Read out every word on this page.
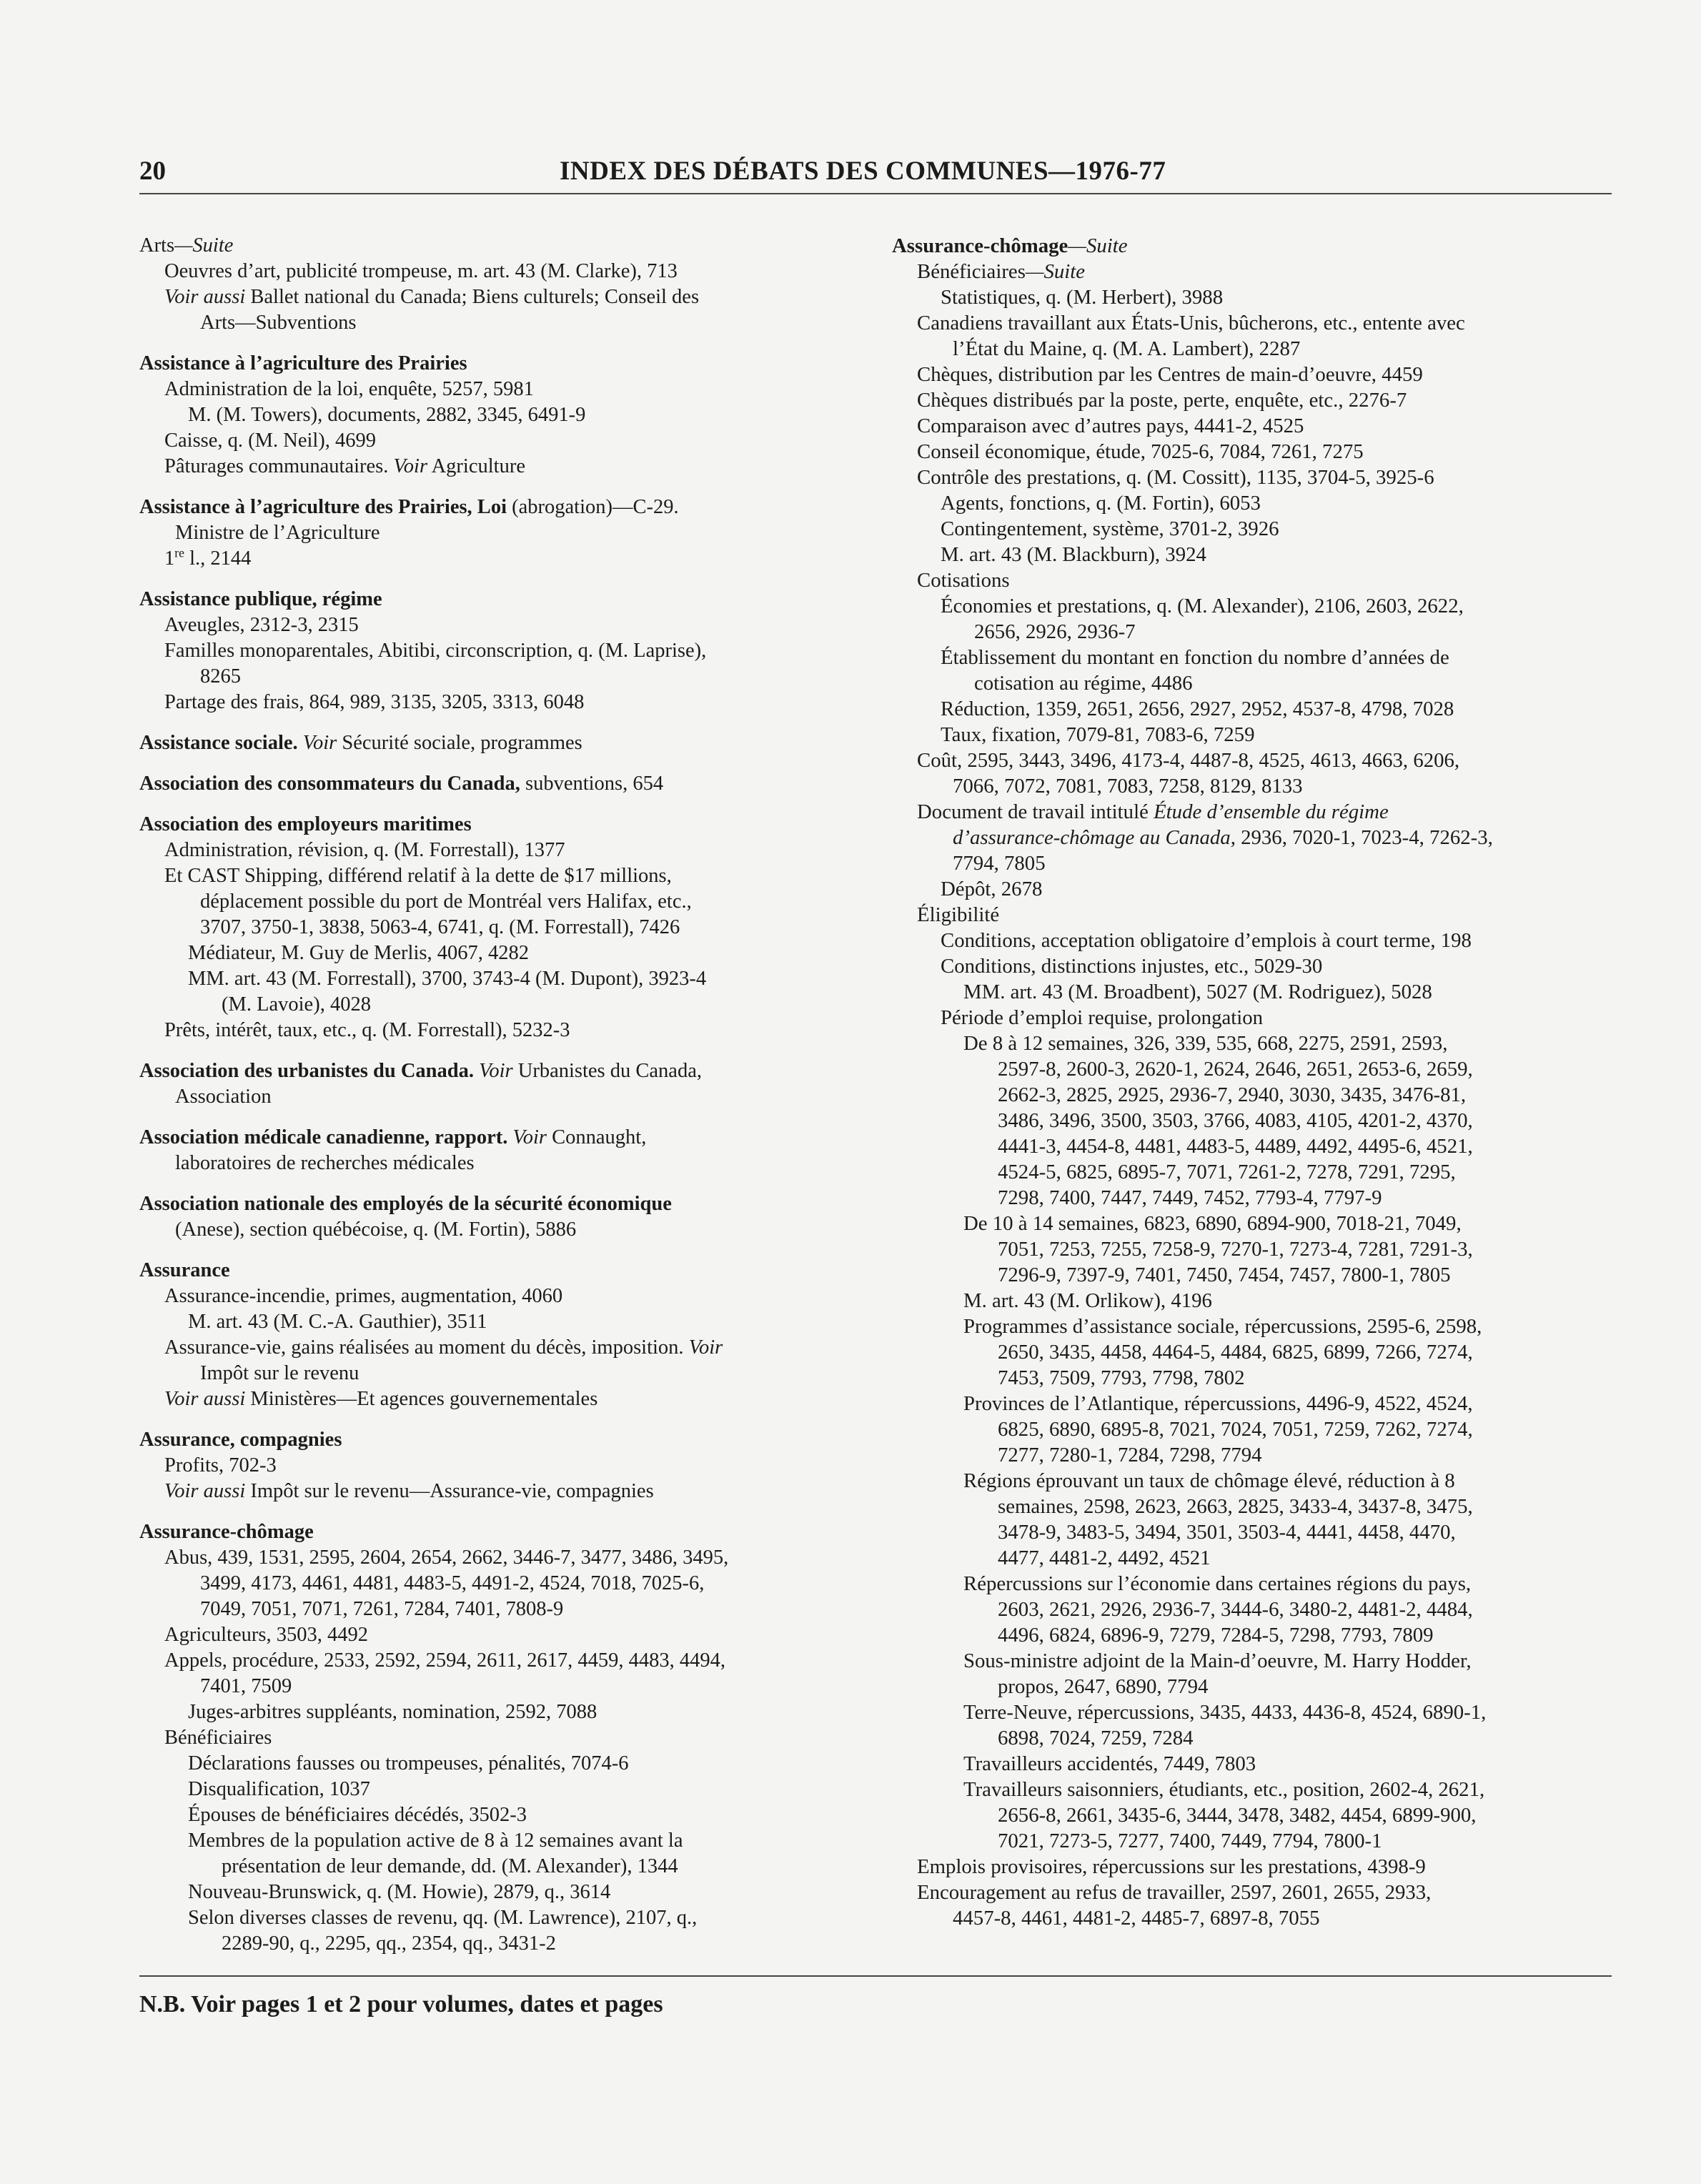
20	INDEX DES DÉBATS DES COMMUNES—1976-77
Arts—Suite
Oeuvres d’art, publicité trompeuse, m. art. 43 (M. Clarke), 713
Voir aussi Ballet national du Canada; Biens culturels; Conseil des
Arts—Subventions
Assistance à l’agriculture des Prairies
Administration de la loi, enquête, 5257, 5981
M. (M. Towers), documents, 2882, 3345, 6491-9
Caisse, q. (M. Neil), 4699
Pâturages communautaires. Voir Agriculture
Assistance à l’agriculture des Prairies, Loi (abrogation)—C-29.
Ministre de l’Agriculture
1re l., 2144
Assistance publique, régime
Aveugles, 2312-3, 2315
Familles monoparentales, Abitibi, circonscription, q. (M. Laprise),
8265
Partage des frais, 864, 989, 3135, 3205, 3313, 6048
Assistance sociale. Voir Sécurité sociale, programmes
Association des consommateurs du Canada, subventions, 654
Association des employeurs maritimes
Administration, révision, q. (M. Forrestall), 1377
Et CAST Shipping, différend relatif à la dette de $17 millions,
déplacement possible du port de Montréal vers Halifax, etc.,
3707, 3750-1, 3838, 5063-4, 6741, q. (M. Forrestall), 7426
Médiateur, M. Guy de Merlis, 4067, 4282
MM. art. 43 (M. Forrestall), 3700, 3743-4 (M. Dupont), 3923-4
(M. Lavoie), 4028
Prêts, intérêt, taux, etc., q. (M. Forrestall), 5232-3
Association des urbanistes du Canada. Voir Urbanistes du Canada,
Association
Association médicale canadienne, rapport. Voir Connaught,
laboratoires de recherches médicales
Association nationale des employés de la sécurité économique
(Anese), section québécoise, q. (M. Fortin), 5886
Assurance
Assurance-incendie, primes, augmentation, 4060
M. art. 43 (M. C.-A. Gauthier), 3511
Assurance-vie, gains réalisées au moment du décès, imposition. Voir
Impôt sur le revenu
Voir aussi Ministères—Et agences gouvernementales
Assurance, compagnies
Profits, 702-3
Voir aussi Impôt sur le revenu—Assurance-vie, compagnies
Assurance-chômage
Abus, 439, 1531, 2595, 2604, 2654, 2662, 3446-7, 3477, 3486, 3495,
3499, 4173, 4461, 4481, 4483-5, 4491-2, 4524, 7018, 7025-6,
7049, 7051, 7071, 7261, 7284, 7401, 7808-9
Agriculteurs, 3503, 4492
Appels, procédure, 2533, 2592, 2594, 2611, 2617, 4459, 4483, 4494,
7401, 7509
Juges-arbitres suppléants, nomination, 2592, 7088
Bénéficiaires
Déclarations fausses ou trompeuses, pénalités, 7074-6
Disqualification, 1037
Épouses de bénéficiaires décédés, 3502-3
Membres de la population active de 8 à 12 semaines avant la
présentation de leur demande, dd. (M. Alexander), 1344
Nouveau-Brunswick, q. (M. Howie), 2879, q., 3614
Selon diverses classes de revenu, qq. (M. Lawrence), 2107, q.,
2289-90, q., 2295, qq., 2354, qq., 3431-2
Assurance-chômage—Suite
Bénéficiaires—Suite
Statistiques, q. (M. Herbert), 3988
Canadiens travaillant aux États-Unis, bûcherons, etc., entente avec
l’État du Maine, q. (M. A. Lambert), 2287
Chèques, distribution par les Centres de main-d’oeuvre, 4459
Chèques distribués par la poste, perte, enquête, etc., 2276-7
Comparaison avec d’autres pays, 4441-2, 4525
Conseil économique, étude, 7025-6, 7084, 7261, 7275
Contrôle des prestations, q. (M. Cossitt), 1135, 3704-5, 3925-6
Agents, fonctions, q. (M. Fortin), 6053
Contingentement, système, 3701-2, 3926
M. art. 43 (M. Blackburn), 3924
Cotisations
Économies et prestations, q. (M. Alexander), 2106, 2603, 2622,
2656, 2926, 2936-7
Établissement du montant en fonction du nombre d’années de
cotisation au régime, 4486
Réduction, 1359, 2651, 2656, 2927, 2952, 4537-8, 4798, 7028
Taux, fixation, 7079-81, 7083-6, 7259
Coût, 2595, 3443, 3496, 4173-4, 4487-8, 4525, 4613, 4663, 6206,
7066, 7072, 7081, 7083, 7258, 8129, 8133
Document de travail intitulé Étude d’ensemble du régime
d’assurance-chômage au Canada, 2936, 7020-1, 7023-4, 7262-3,
7794, 7805
Dépôt, 2678
Éligibilité
Conditions, acceptation obligatoire d’emplois à court terme, 198
Conditions, distinctions injustes, etc., 5029-30
MM. art. 43 (M. Broadbent), 5027 (M. Rodriguez), 5028
Période d’emploi requise, prolongation
De 8 à 12 semaines, 326, 339, 535, 668, 2275, 2591, 2593,
2597-8, 2600-3, 2620-1, 2624, 2646, 2651, 2653-6, 2659,
2662-3, 2825, 2925, 2936-7, 2940, 3030, 3435, 3476-81,
3486, 3496, 3500, 3503, 3766, 4083, 4105, 4201-2, 4370,
4441-3, 4454-8, 4481, 4483-5, 4489, 4492, 4495-6, 4521,
4524-5, 6825, 6895-7, 7071, 7261-2, 7278, 7291, 7295,
7298, 7400, 7447, 7449, 7452, 7793-4, 7797-9
De 10 à 14 semaines, 6823, 6890, 6894-900, 7018-21, 7049,
7051, 7253, 7255, 7258-9, 7270-1, 7273-4, 7281, 7291-3,
7296-9, 7397-9, 7401, 7450, 7454, 7457, 7800-1, 7805
M. art. 43 (M. Orlikow), 4196
Programmes d’assistance sociale, répercussions, 2595-6, 2598,
2650, 3435, 4458, 4464-5, 4484, 6825, 6899, 7266, 7274,
7453, 7509, 7793, 7798, 7802
Provinces de l’Atlantique, répercussions, 4496-9, 4522, 4524,
6825, 6890, 6895-8, 7021, 7024, 7051, 7259, 7262, 7274,
7277, 7280-1, 7284, 7298, 7794
Régions éprouvant un taux de chômage élevé, réduction à 8
semaines, 2598, 2623, 2663, 2825, 3433-4, 3437-8, 3475,
3478-9, 3483-5, 3494, 3501, 3503-4, 4441, 4458, 4470,
4477, 4481-2, 4492, 4521
Répercussions sur l’économie dans certaines régions du pays,
2603, 2621, 2926, 2936-7, 3444-6, 3480-2, 4481-2, 4484,
4496, 6824, 6896-9, 7279, 7284-5, 7298, 7793, 7809
Sous-ministre adjoint de la Main-d’oeuvre, M. Harry Hodder,
propos, 2647, 6890, 7794
Terre-Neuve, répercussions, 3435, 4433, 4436-8, 4524, 6890-1,
6898, 7024, 7259, 7284
Travailleurs accidentés, 7449, 7803
Travailleurs saisonniers, étudiants, etc., position, 2602-4, 2621,
2656-8, 2661, 3435-6, 3444, 3478, 3482, 4454, 6899-900,
7021, 7273-5, 7277, 7400, 7449, 7794, 7800-1
Emplois provisoires, répercussions sur les prestations, 4398-9
Encouragement au refus de travailler, 2597, 2601, 2655, 2933,
4457-8, 4461, 4481-2, 4485-7, 6897-8, 7055
N.B. Voir pages 1 et 2 pour volumes, dates et pages
